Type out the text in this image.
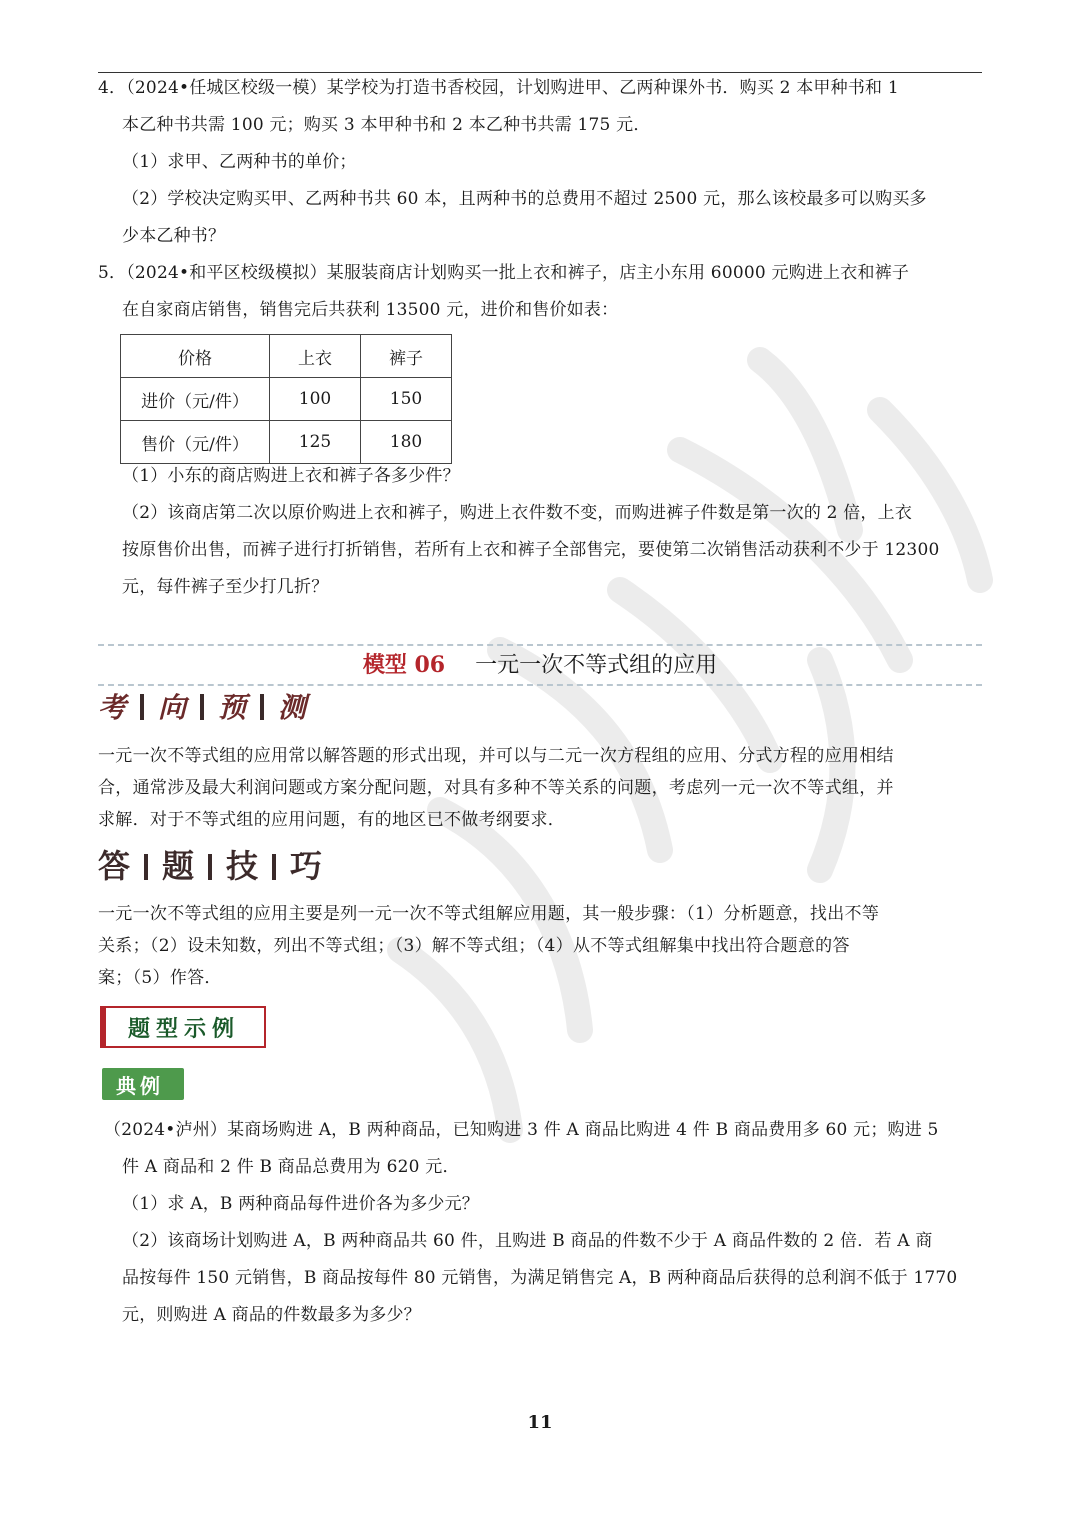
4．（2024•任城区校级一模）某学校为打造书香校园，计划购进甲、乙两种课外书．购买 2 本甲种书和 1
本乙种书共需 100 元；购买 3 本甲种书和 2 本乙种书共需 175 元．
（1）求甲、乙两种书的单价；
（2）学校决定购买甲、乙两种书共 60 本，且两种书的总费用不超过 2500 元，那么该校最多可以购买多
少本乙种书？
5．（2024•和平区校级模拟）某服装商店计划购买一批上衣和裤子，店主小东用 60000 元购进上衣和裤子
在自家商店销售，销售完后共获利 13500 元，进价和售价如表：
价格	上衣	裤子
进价（元/件）	100	150
售价（元/件）	125	180
（1）小东的商店购进上衣和裤子各多少件？
（2）该商店第二次以原价购进上衣和裤子，购进上衣件数不变，而购进裤子件数是第一次的 2 倍，上衣
按原售价出售，而裤子进行打折销售，若所有上衣和裤子全部售完，要使第二次销售活动获利不少于 12300
元，每件裤子至少打几折？
模型 06 一元一次不等式组的应用
考 向 预 测
一元一次不等式组的应用常以解答题的形式出现，并可以与二元一次方程组的应用、分式方程的应用相结
合，通常涉及最大利润问题或方案分配问题，对具有多种不等关系的问题，考虑列一元一次不等式组，并
求解．对于不等式组的应用问题，有的地区已不做考纲要求．
答 题 技 巧
一元一次不等式组的应用主要是列一元一次不等式组解应用题，其一般步骤：（1）分析题意，找出不等
关系；（2）设未知数，列出不等式组；（3）解不等式组；（4）从不等式组解集中找出符合题意的答
案；（5）作答．
题型示例
典例
（2024•泸州）某商场购进 A，B 两种商品，已知购进 3 件 A 商品比购进 4 件 B 商品费用多 60 元；购进 5
件 A 商品和 2 件 B 商品总费用为 620 元．
（1）求 A，B 两种商品每件进价各为多少元？
（2）该商场计划购进 A，B 两种商品共 60 件，且购进 B 商品的件数不少于 A 商品件数的 2 倍．若 A 商
品按每件 150 元销售，B 商品按每件 80 元销售，为满足销售完 A，B 两种商品后获得的总利润不低于 1770
元，则购进 A 商品的件数最多为多少？
11
